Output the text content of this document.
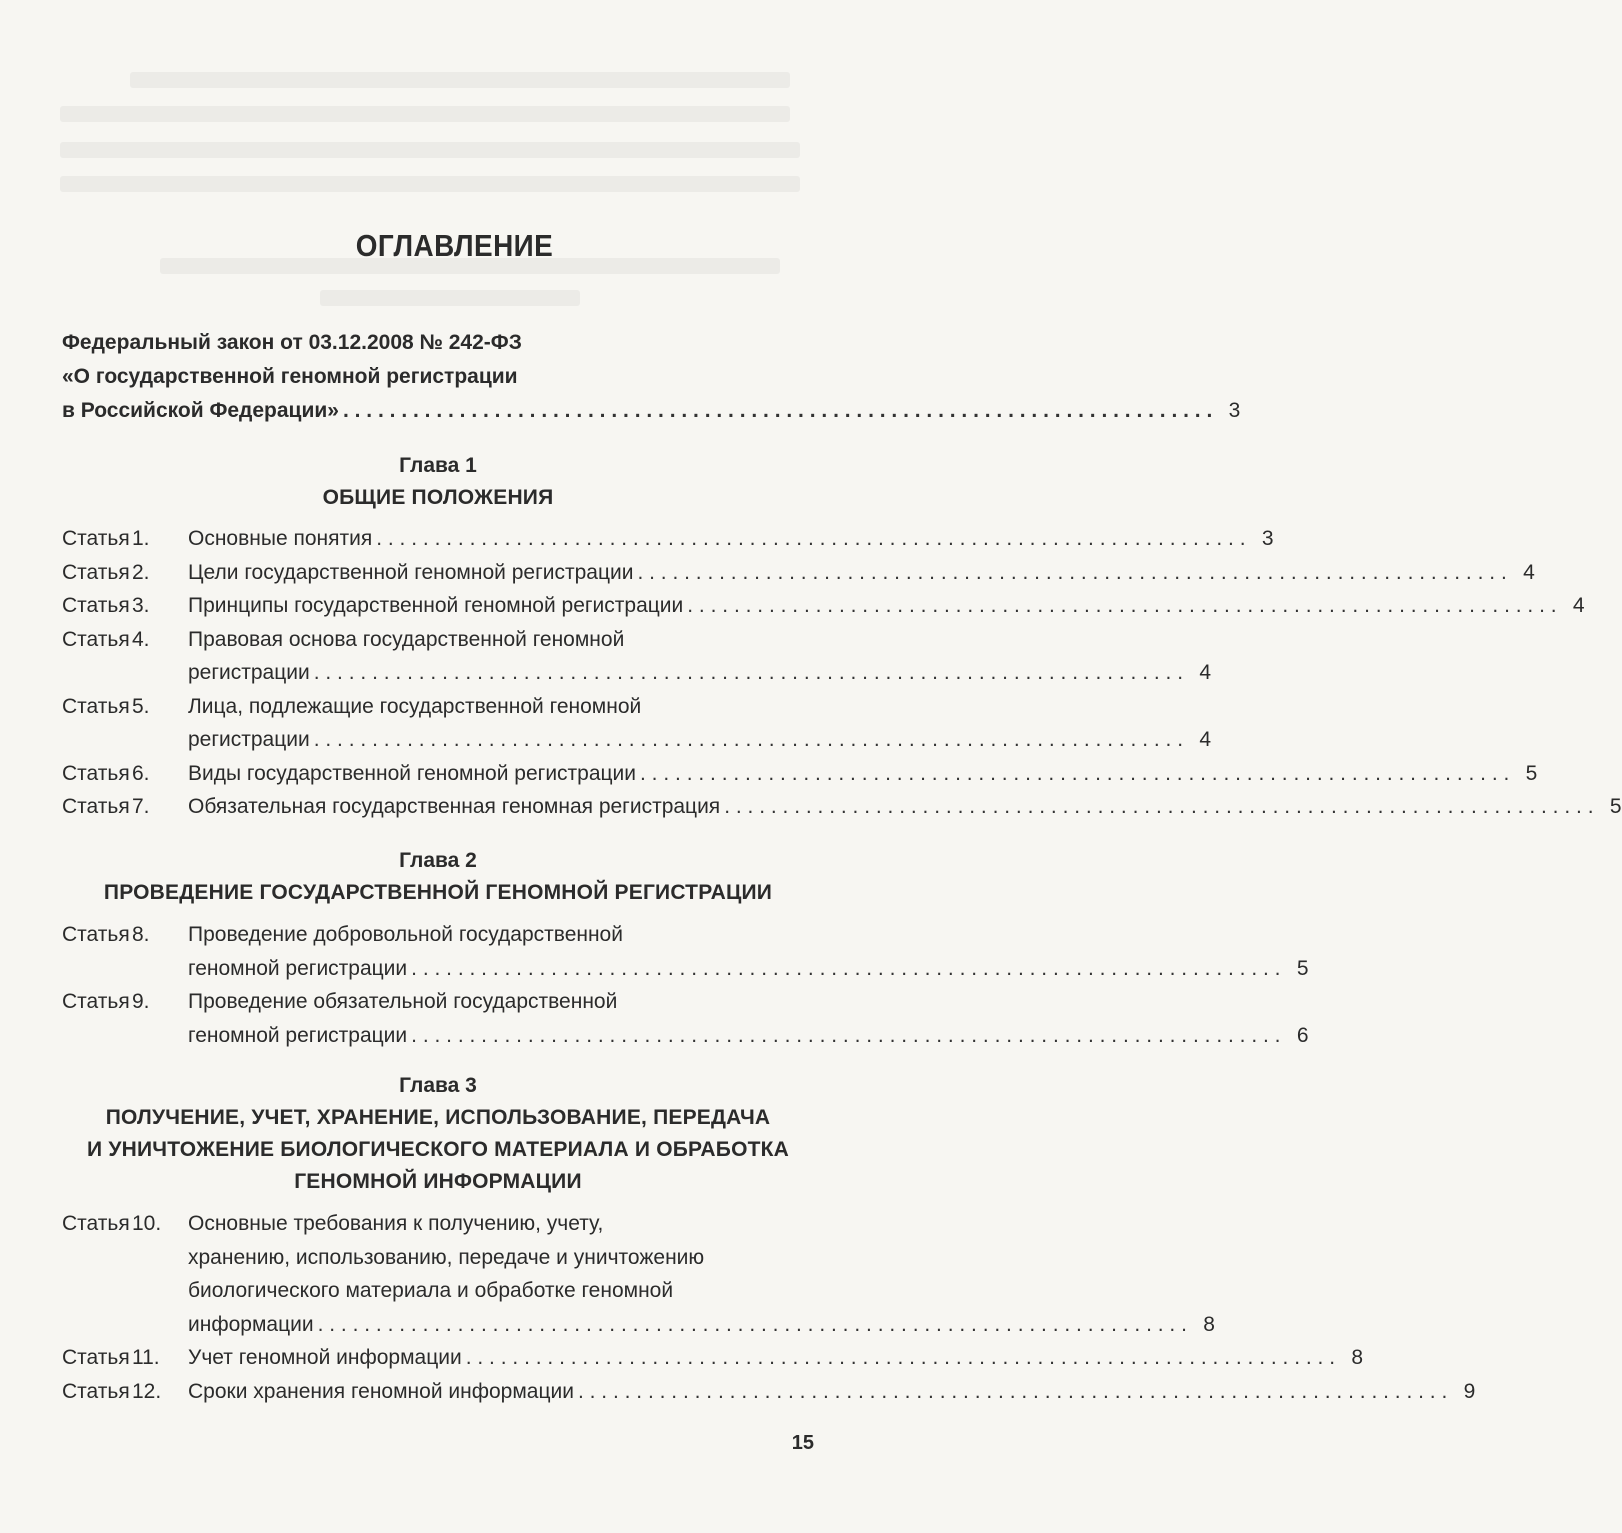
ОГЛАВЛЕНИЕ
Федеральный закон от 03.12.2008 № 242-ФЗ
«О государственной геномной регистрации
в Российской Федерации» . . .	3
Глава 1
ОБЩИЕ ПОЛОЖЕНИЯ
Статья 1.	Основные понятия . . .	3
Статья 2.	Цели государственной геномной регистрации . . .	4
Статья 3.	Принципы государственной геномной регистрации . . .	4
Статья 4.	Правовая основа государственной геномной
регистрации . . .	4
Статья 5.	Лица, подлежащие государственной геномной
регистрации . . .	4
Статья 6.	Виды государственной геномной регистрации . . .	5
Статья 7.	Обязательная государственная геномная регистрация . . .	5
Глава 2
ПРОВЕДЕНИЕ ГОСУДАРСТВЕННОЙ ГЕНОМНОЙ РЕГИСТРАЦИИ
Статья 8.	Проведение добровольной государственной
геномной регистрации . . .	5
Статья 9.	Проведение обязательной государственной
геномной регистрации . . .	6
Глава 3
ПОЛУЧЕНИЕ, УЧЕТ, ХРАНЕНИЕ, ИСПОЛЬЗОВАНИЕ, ПЕРЕДАЧА
И УНИЧТОЖЕНИЕ БИОЛОГИЧЕСКОГО МАТЕРИАЛА И ОБРАБОТКА
ГЕНОМНОЙ ИНФОРМАЦИИ
Статья 10.	Основные требования к получению, учету,
хранению, использованию, передаче и уничтожению
биологического материала и обработке геномной
информации . . .	8
Статья 11.	Учет геномной информации . . .	8
Статья 12.	Сроки хранения геномной информации . . .	9
15
